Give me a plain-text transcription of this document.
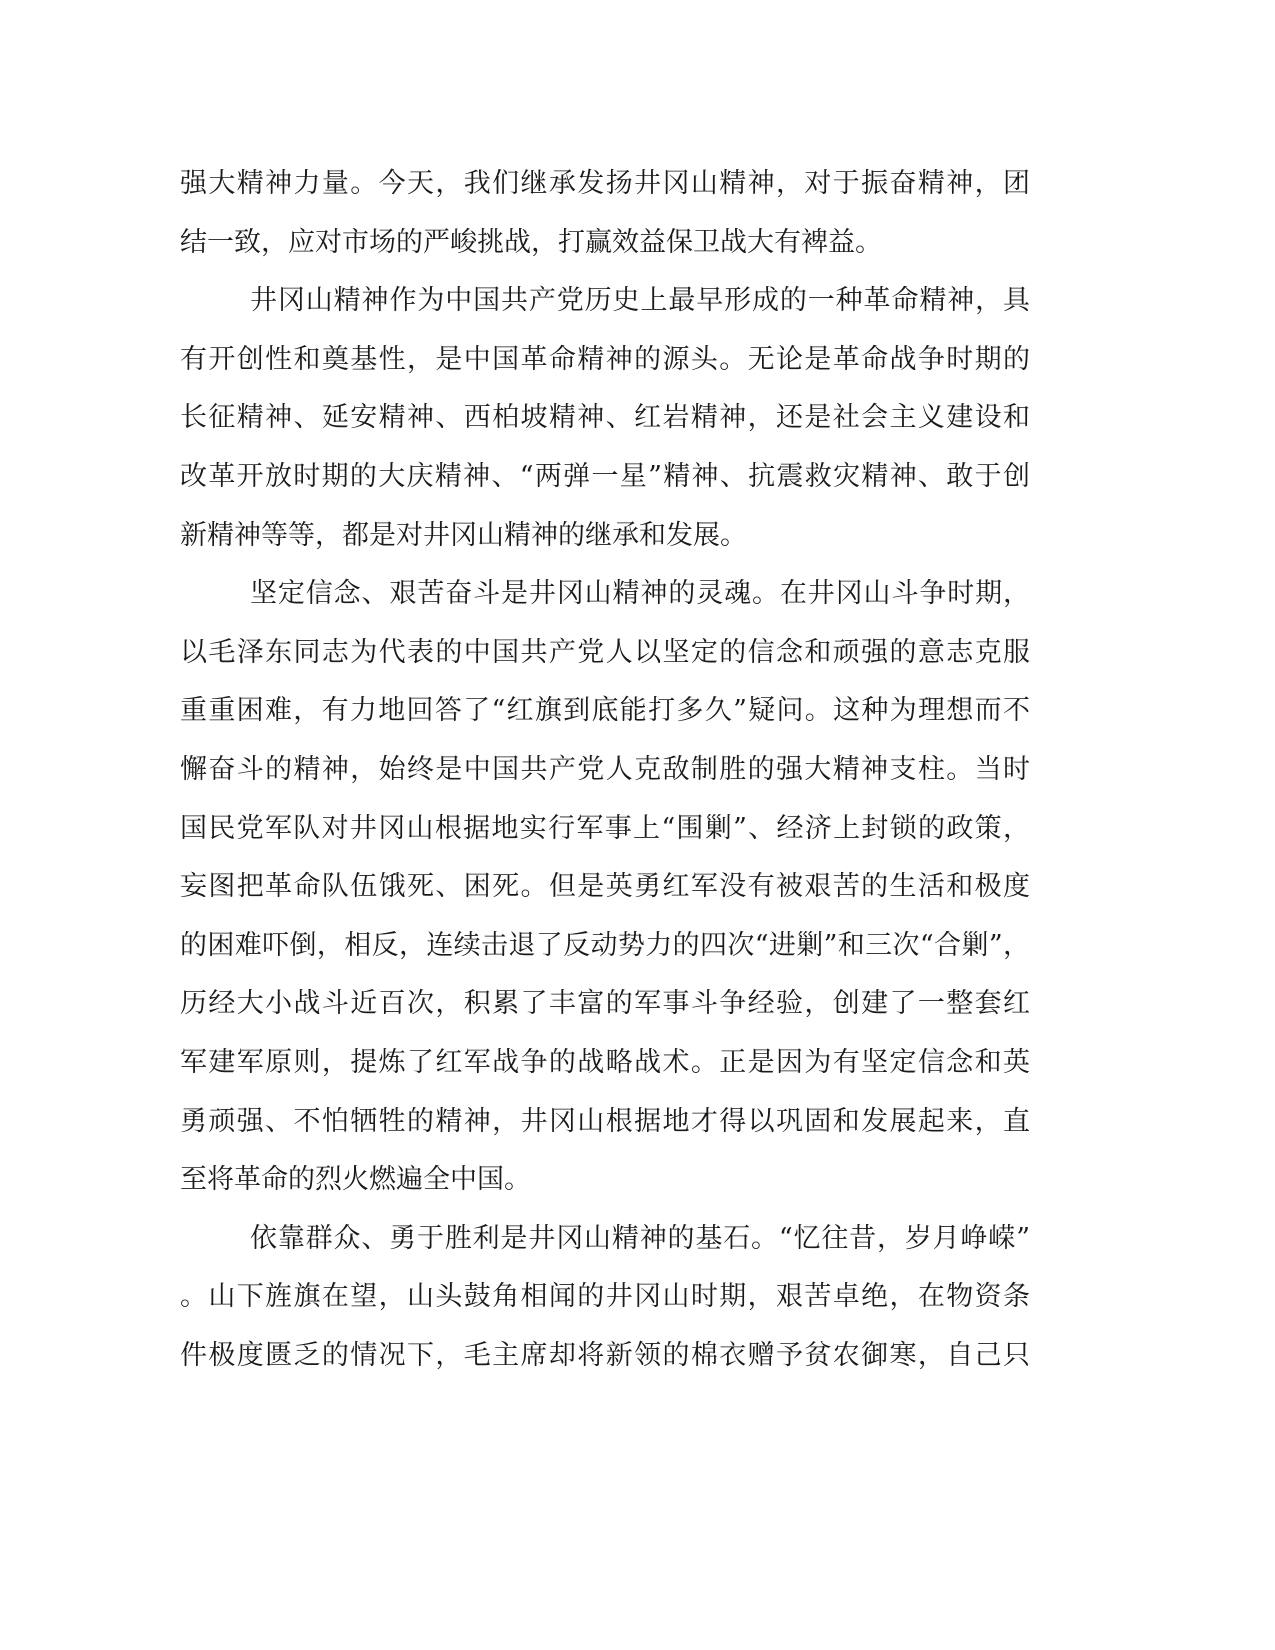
强大精神力量。今天，我们继承发扬井冈山精神，对于振奋精神，团
结一致，应对市场的严峻挑战，打赢效益保卫战大有裨益。
井冈山精神作为中国共产党历史上最早形成的一种革命精神，具
有开创性和奠基性，是中国革命精神的源头。无论是革命战争时期的
长征精神、延安精神、西柏坡精神、红岩精神，还是社会主义建设和
改革开放时期的大庆精神、“两弹一星”精神、抗震救灾精神、敢于创
新精神等等，都是对井冈山精神的继承和发展。
坚定信念、艰苦奋斗是井冈山精神的灵魂。在井冈山斗争时期，
以毛泽东同志为代表的中国共产党人以坚定的信念和顽强的意志克服
重重困难，有力地回答了“红旗到底能打多久”疑问。这种为理想而不
懈奋斗的精神，始终是中国共产党人克敌制胜的强大精神支柱。当时
国民党军队对井冈山根据地实行军事上“围剿”、经济上封锁的政策，
妄图把革命队伍饿死、困死。但是英勇红军没有被艰苦的生活和极度
的困难吓倒，相反，连续击退了反动势力的四次“进剿”和三次“合剿”，
历经大小战斗近百次，积累了丰富的军事斗争经验，创建了一整套红
军建军原则，提炼了红军战争的战略战术。正是因为有坚定信念和英
勇顽强、不怕牺牲的精神，井冈山根据地才得以巩固和发展起来，直
至将革命的烈火燃遍全中国。
依靠群众、勇于胜利是井冈山精神的基石。“忆往昔，岁月峥嵘”
。山下旌旗在望，山头鼓角相闻的井冈山时期，艰苦卓绝，在物资条
件极度匮乏的情况下，毛主席却将新领的棉衣赠予贫农御寒，自己只
